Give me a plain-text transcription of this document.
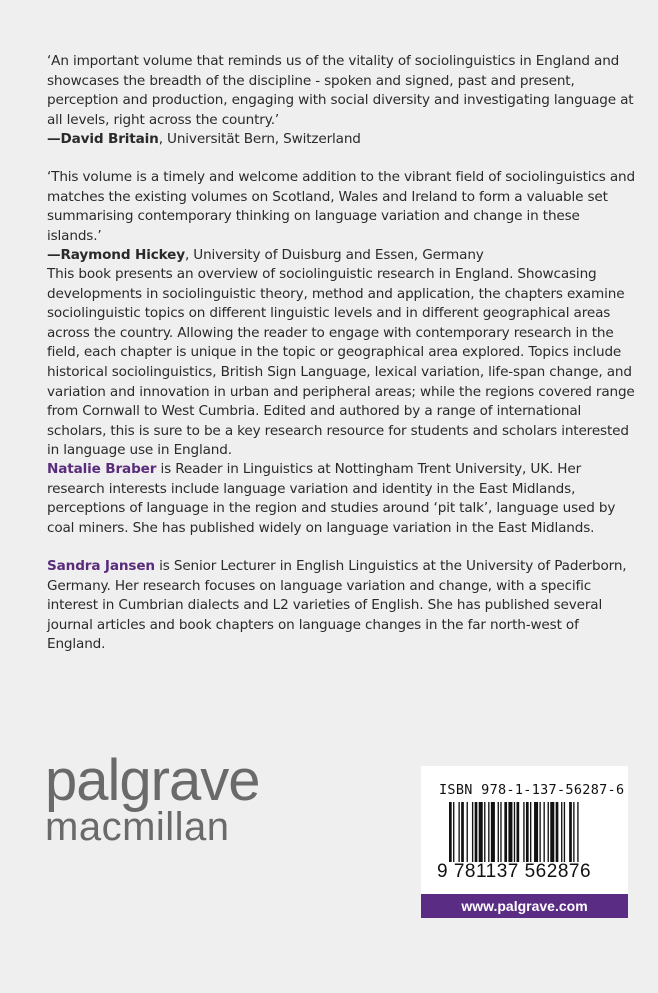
‘An important volume that reminds us of the vitality of sociolinguistics in England and showcases the breadth of the discipline - spoken and signed, past and present, perception and production, engaging with social diversity and investigating language at all levels, right across the country.’

—David Britain, Universität Bern, Switzerland

‘This volume is a timely and welcome addition to the vibrant field of sociolinguistics and matches the existing volumes on Scotland, Wales and Ireland to form a valuable set summarising contemporary thinking on language variation and change in these islands.’

—Raymond Hickey, University of Duisburg and Essen, Germany

This book presents an overview of sociolinguistic research in England. Showcasing developments in sociolinguistic theory, method and application, the chapters examine sociolinguistic topics on different linguistic levels and in different geographical areas across the country. Allowing the reader to engage with contemporary research in the field, each chapter is unique in the topic or geographical area explored. Topics include historical sociolinguistics, British Sign Language, lexical variation, life-span change, and variation and innovation in urban and peripheral areas; while the regions covered range from Cornwall to West Cumbria. Edited and authored by a range of international scholars, this is sure to be a key research resource for students and scholars interested in language use in England.

Natalie Braber is Reader in Linguistics at Nottingham Trent University, UK. Her research interests include language variation and identity in the East Midlands, perceptions of language in the region and studies around ‘pit talk’, language used by coal miners. She has published widely on language variation in the East Midlands.

Sandra Jansen is Senior Lecturer in English Linguistics at the University of Paderborn, Germany. Her research focuses on language variation and change, with a specific interest in Cumbrian dialects and L2 varieties of English. She has published several journal articles and book chapters on language changes in the far north-west of England.

palgrave
macmillan
ISBN 978-1-137-56287-6
9 781137 562876
www.palgrave.com
